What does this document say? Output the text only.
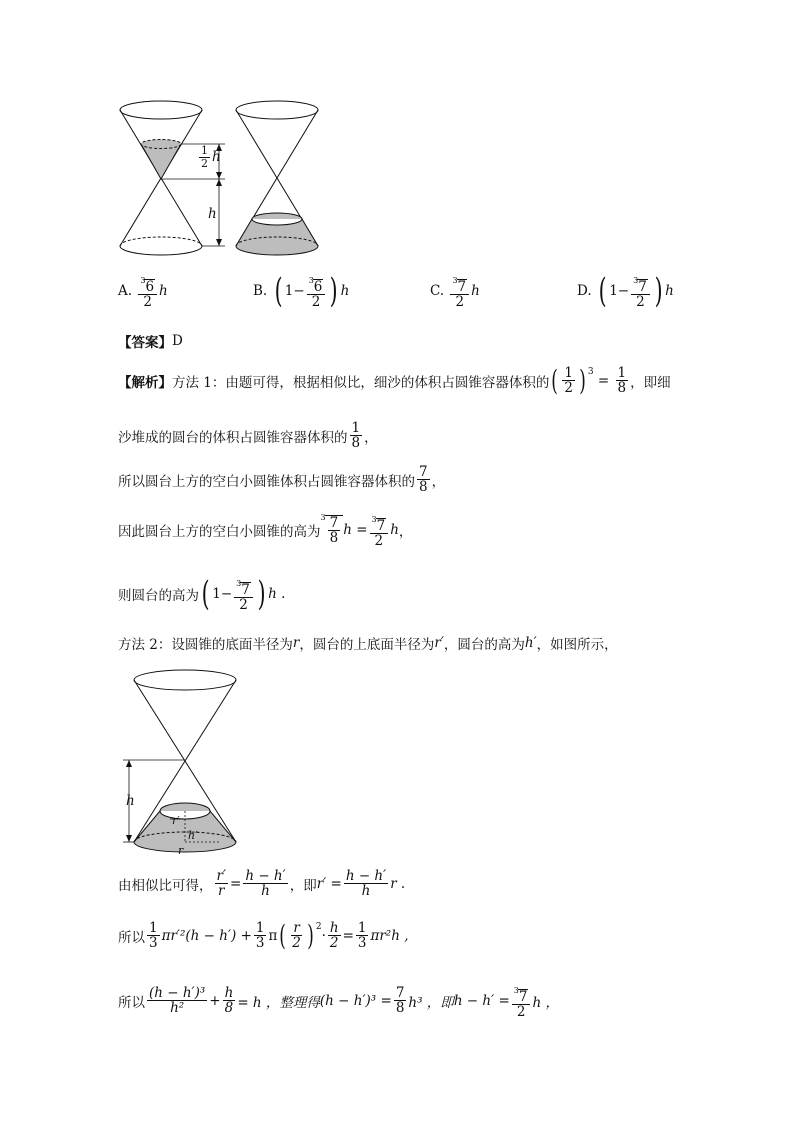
$\frac{1}{2}$ h
h
A.
$\frac{3 6}{2}$ h	B.
( $1- \frac{3 6}{2}$ ) h	C.
$\frac{3 7}{2}$ h	D.
( $1- \frac{3 7}{2}$ ) h
【答案】 D
【解析】 方法 1：由题可得，根据相似比，细沙的体积占圆锥容器体积的 ( $\frac{1}{2}$ ) 3
= $\frac{1}{8}$ ，即细
沙堆成的圆台的体积占圆锥容器体积的 $\frac{1}{8}$ ，
所以圆台上方的空白小圆锥体积占圆锥容器体积的 $\frac{7}{8}$ ，
因此圆台上方的空白小圆锥的高为
$3 \frac{7}{8}$ h
= $\frac{3 7}{2}$ h ，
则圆台的高为 ( $1- \frac{3 7}{2}$ ) h
.
方法 2：设圆锥的底面半径为 r ，圆台的上底面半径为 r′ ，圆台的高为 h′ ，如图所示，
h
r′
h′
r
由相似比可得， $\frac{r'}{r} = \frac{h - h'}{h}$ ，即 $r' = \frac{h - h'}{h}$ r .
所以 $\frac{1}{3} \pi r'^2(h - h') + \frac{1}{3}$ π ( $\frac{r}{2}$ ) 2
· $\frac{h}{2} = \frac{1}{3} \pi r^2h$ ,
所以 $\frac{\text{(h − h′)³}}{\text{h²}} + \frac{h}{8} = h$ ，整理得 $(h - h')^3 = \frac{7}{8} h^3$ ，即 $h - h' = \frac{3 7}{2}$ h ，
